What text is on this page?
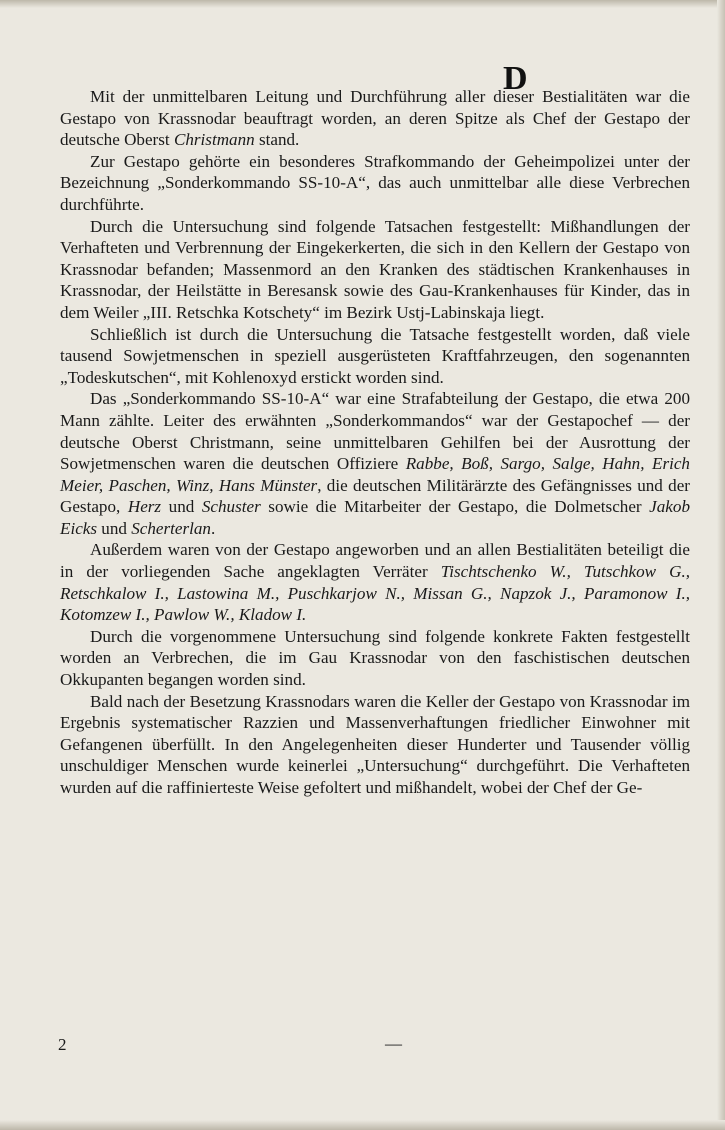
D

Mit der unmittelbaren Leitung und Durchführung aller dieser Bestialitäten war die Gestapo von Krassnodar beauftragt worden, an deren Spitze als Chef der Gestapo der deutsche Oberst Christmann stand.

Zur Gestapo gehörte ein besonderes Strafkommando der Geheimpolizei unter der Bezeichnung „Sonderkommando SS-10-A“, das auch unmittelbar alle diese Verbrechen durchführte.

Durch die Untersuchung sind folgende Tatsachen festgestellt: Mißhandlungen der Verhafteten und Verbrennung der Eingekerkerten, die sich in den Kellern der Gestapo von Krassnodar befanden; Massenmord an den Kranken des städtischen Krankenhauses in Krassnodar, der Heilstätte in Beresansk sowie des Gau-Krankenhauses für Kinder, das in dem Weiler „III. Retschka Kotschety“ im Bezirk Ustj-Labinskaja liegt.

Schließlich ist durch die Untersuchung die Tatsache festgestellt worden, daß viele tausend Sowjetmenschen in speziell ausgerüsteten Kraftfahrzeugen, den sogenannten „Todeskutschen“, mit Kohlenoxyd erstickt worden sind.

Das „Sonderkommando SS-10-A“ war eine Strafabteilung der Gestapo, die etwa 200 Mann zählte. Leiter des erwähnten „Sonderkommandos“ war der Gestapochef — der deutsche Oberst Christmann, seine unmittelbaren Gehilfen bei der Ausrottung der Sowjetmenschen waren die deutschen Offiziere Rabbe, Boß, Sargo, Salge, Hahn, Erich Meier, Paschen, Winz, Hans Münster, die deutschen Militärärzte des Gefängnisses und der Gestapo, Herz und Schuster sowie die Mitarbeiter der Gestapo, die Dolmetscher Jakob Eicks und Scherterlan.

Außerdem waren von der Gestapo angeworben und an allen Bestialitäten beteiligt die in der vorliegenden Sache angeklagten Verräter Tischtschenko W., Tutschkow G., Retschkalow I., Lastowina M., Puschkarjow N., Missan G., Napzok J., Paramonow I., Kotomzew I., Pawlow W., Kladow I.

Durch die vorgenommene Untersuchung sind folgende konkrete Fakten festgestellt worden an Verbrechen, die im Gau Krassnodar von den faschistischen deutschen Okkupanten begangen worden sind.

Bald nach der Besetzung Krassnodars waren die Keller der Gestapo von Krassnodar im Ergebnis systematischer Razzien und Massenverhaftungen friedlicher Einwohner mit Gefangenen überfüllt. In den Angelegenheiten dieser Hunderter und Tausender völlig unschuldiger Menschen wurde keinerlei „Untersuchung“ durchgeführt. Die Verhafteten wurden auf die raffinierteste Weise gefoltert und mißhandelt, wobei der Chef der Ge-

2	—
